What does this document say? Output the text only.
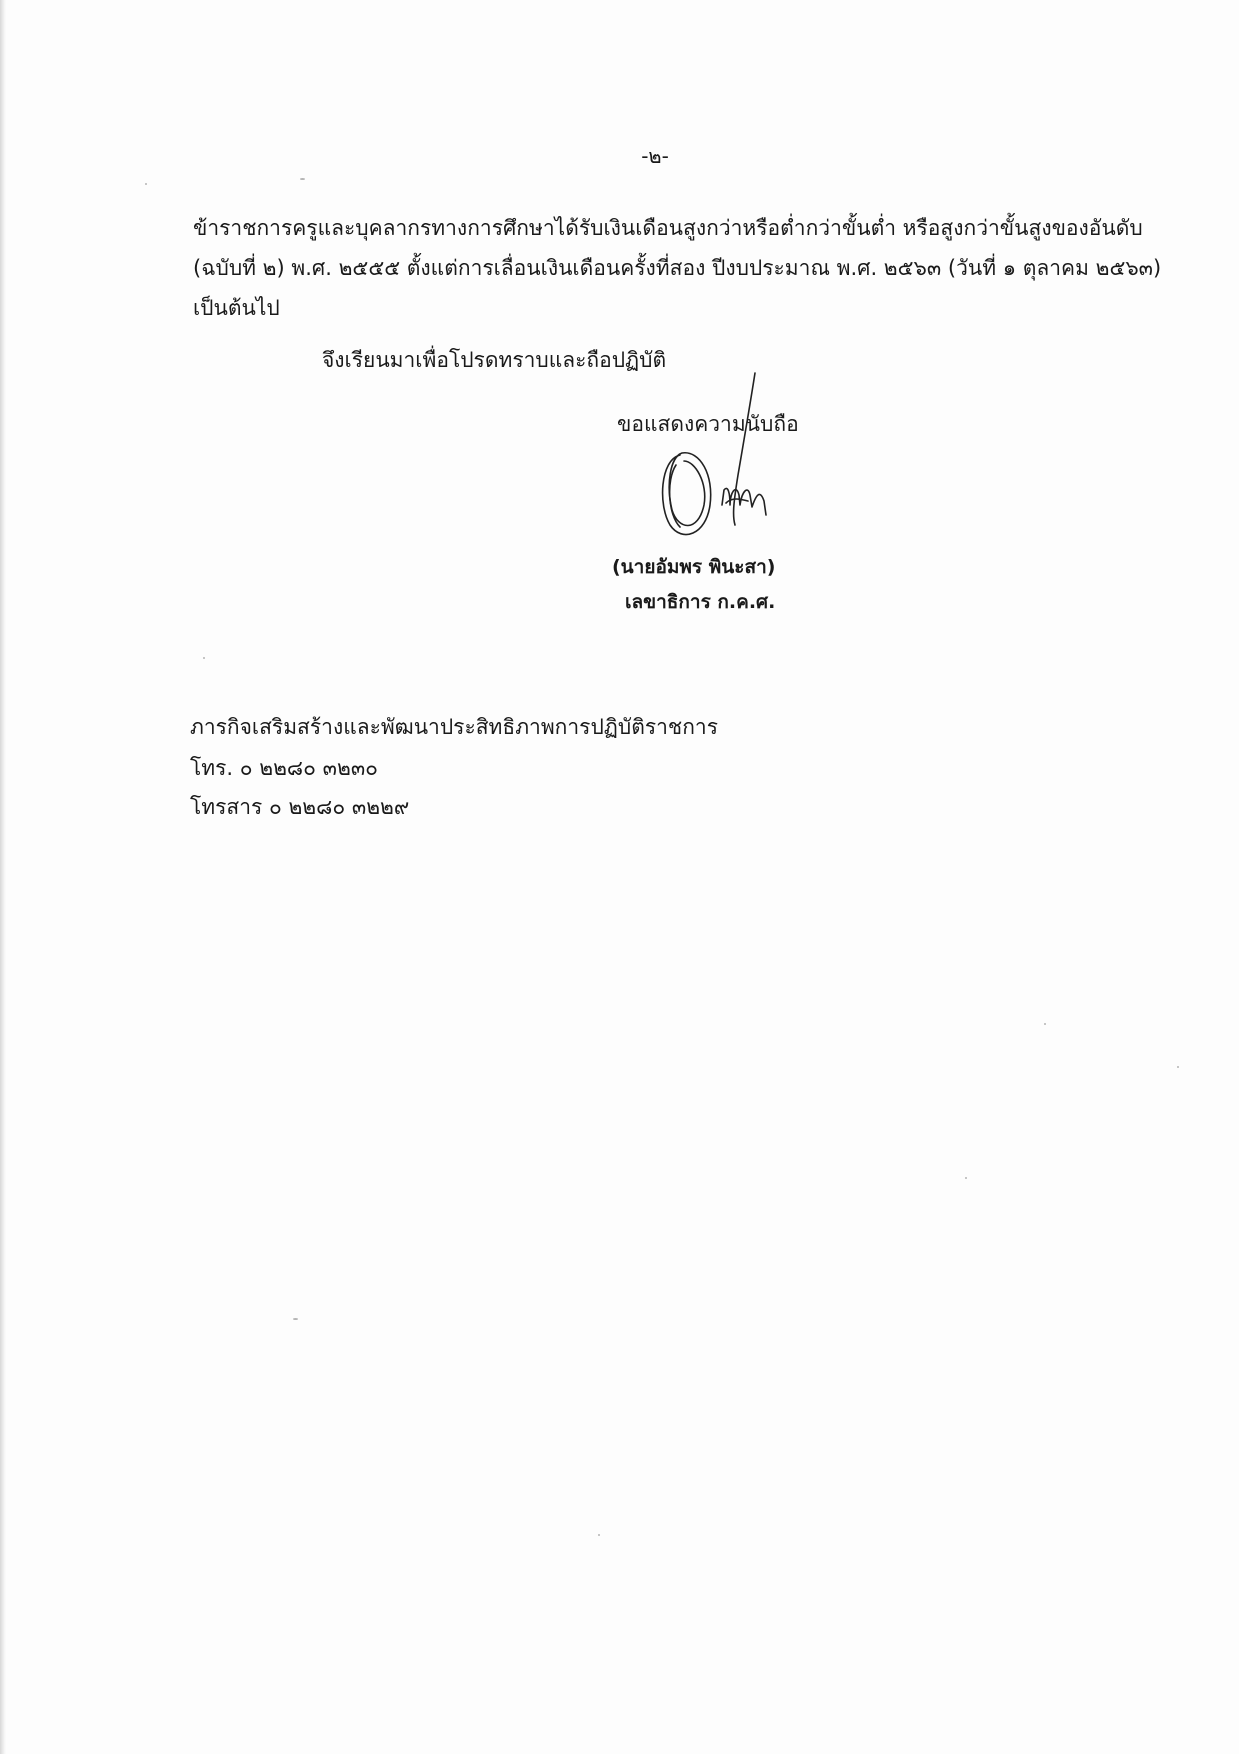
-๒-
ข้าราชการครูและบุคลากรทางการศึกษาได้รับเงินเดือนสูงกว่าหรือต่ำกว่าขั้นต่ำ หรือสูงกว่าขั้นสูงของอันดับ
(ฉบับที่ ๒) พ.ศ. ๒๕๕๕ ตั้งแต่การเลื่อนเงินเดือนครั้งที่สอง ปีงบประมาณ พ.ศ. ๒๕๖๓ (วันที่ ๑ ตุลาคม ๒๕๖๓)
เป็นต้นไป
จึงเรียนมาเพื่อโปรดทราบและถือปฏิบัติ
ขอแสดงความนับถือ
(นายอัมพร พินะสา)
เลขาธิการ ก.ค.ศ.
ภารกิจเสริมสร้างและพัฒนาประสิทธิภาพการปฏิบัติราชการ
โทร. ๐ ๒๒๘๐ ๓๒๓๐
โทรสาร ๐ ๒๒๘๐ ๓๒๒๙
